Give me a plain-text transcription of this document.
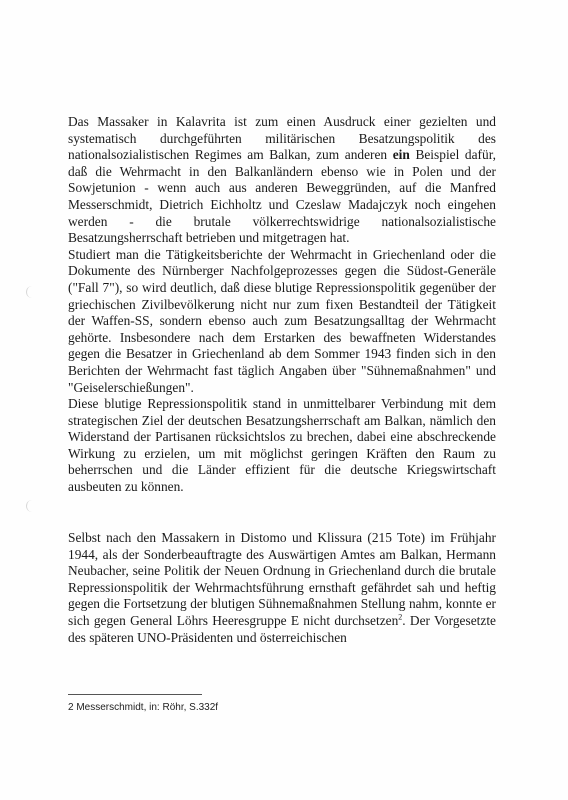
Das Massaker in Kalavrita ist zum einen Ausdruck einer gezielten und systematisch durchgeführten militärischen Besatzungspolitik des nationalsozialistischen Regimes am Balkan, zum anderen ein Beispiel dafür, daß die Wehrmacht in den Balkanländern ebenso wie in Polen und der Sowjetunion - wenn auch aus anderen Beweggründen, auf die Manfred Messerschmidt, Dietrich Eichholtz und Czeslaw Madajczyk noch eingehen werden - die brutale völkerrechtswidrige nationalsozialistische Besatzungsherrschaft betrieben und mitgetragen hat.

Studiert man die Tätigkeitsberichte der Wehrmacht in Griechenland oder die Dokumente des Nürnberger Nachfolgeprozesses gegen die Südost-Generäle ("Fall 7"), so wird deutlich, daß diese blutige Repressionspolitik gegenüber der griechischen Zivilbevölkerung nicht nur zum fixen Bestandteil der Tätigkeit der Waffen-SS, sondern ebenso auch zum Besatzungsalltag der Wehrmacht gehörte. Insbesondere nach dem Erstarken des bewaffneten Widerstandes gegen die Besatzer in Griechenland ab dem Sommer 1943 finden sich in den Berichten der Wehrmacht fast täglich Angaben über "Sühnemaßnahmen" und "Geiselerschießungen".

Diese blutige Repressionspolitik stand in unmittelbarer Verbindung mit dem strategischen Ziel der deutschen Besatzungsherrschaft am Balkan, nämlich den Widerstand der Partisanen rücksichtslos zu brechen, dabei eine abschreckende Wirkung zu erzielen, um mit möglichst geringen Kräften den Raum zu beherrschen und die Länder effizient für die deutsche Kriegswirtschaft ausbeuten zu können.

Selbst nach den Massakern in Distomo und Klissura (215 Tote) im Frühjahr 1944, als der Sonderbeauftragte des Auswärtigen Amtes am Balkan, Hermann Neubacher, seine Politik der Neuen Ordnung in Griechenland durch die brutale Repressionspolitik der Wehrmachtsführung ernsthaft gefährdet sah und heftig gegen die Fortsetzung der blutigen Sühnemaßnahmen Stellung nahm, konnte er sich gegen General Löhrs Heeresgruppe E nicht durchsetzen$^2$. Der Vorgesetzte des späteren UNO-Präsidenten und österreichischen

2 Messerschmidt, in: Röhr, S.332f
